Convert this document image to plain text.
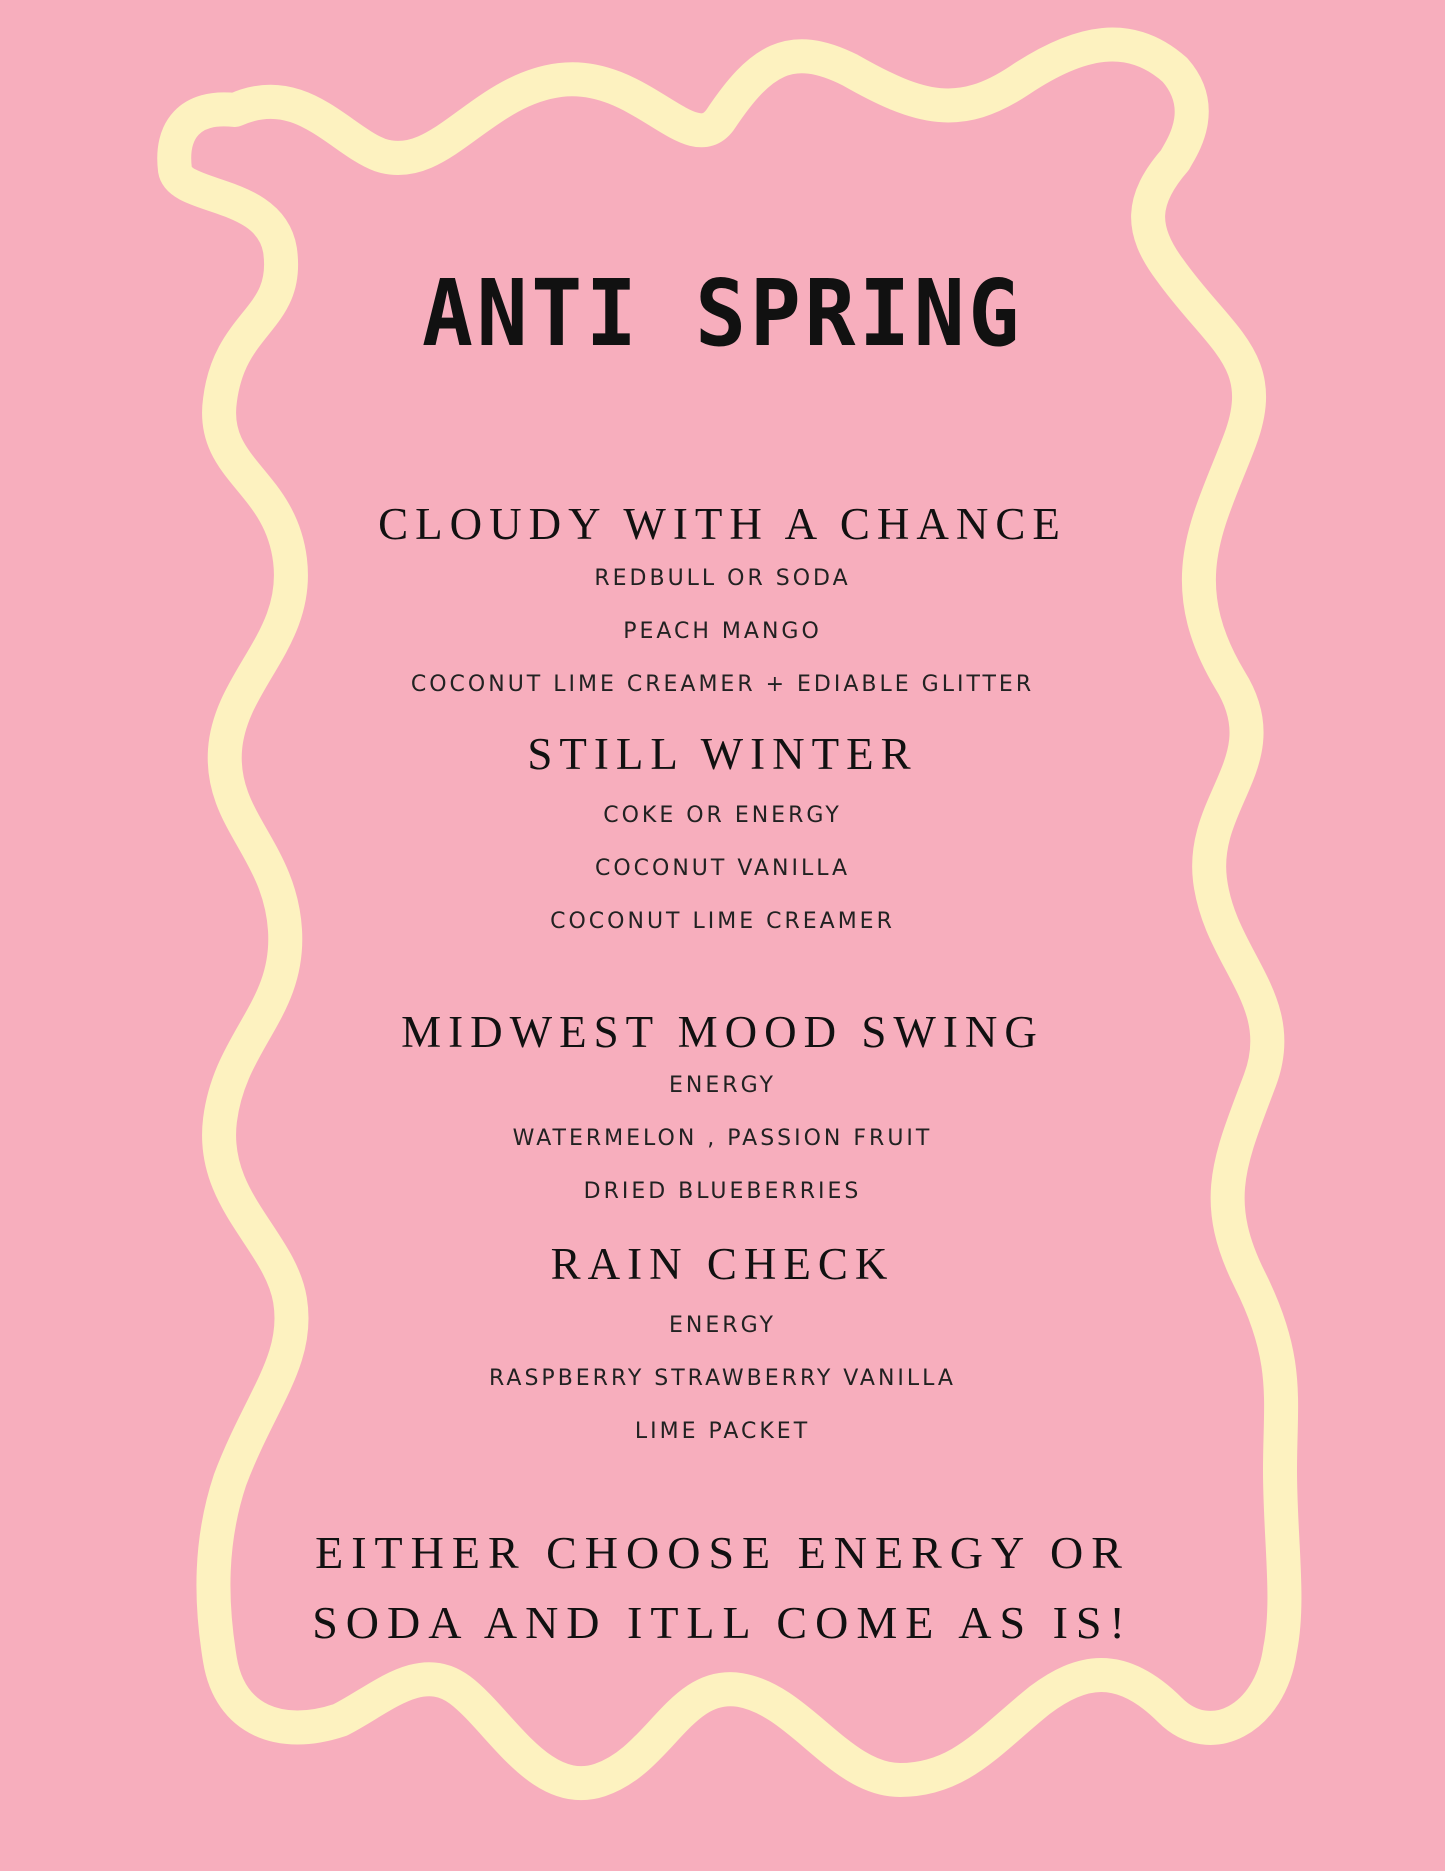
ANTI SPRING
CLOUDY WITH A CHANCE
REDBULL OR SODA
PEACH MANGO
COCONUT LIME CREAMER + EDIABLE GLITTER
STILL WINTER
COKE OR ENERGY
COCONUT VANILLA
COCONUT LIME CREAMER
MIDWEST MOOD SWING
ENERGY
WATERMELON , PASSION FRUIT
DRIED BLUEBERRIES
RAIN CHECK
ENERGY
RASPBERRY STRAWBERRY VANILLA
LIME PACKET
EITHER CHOOSE ENERGY OR
SODA AND ITLL COME AS IS!
